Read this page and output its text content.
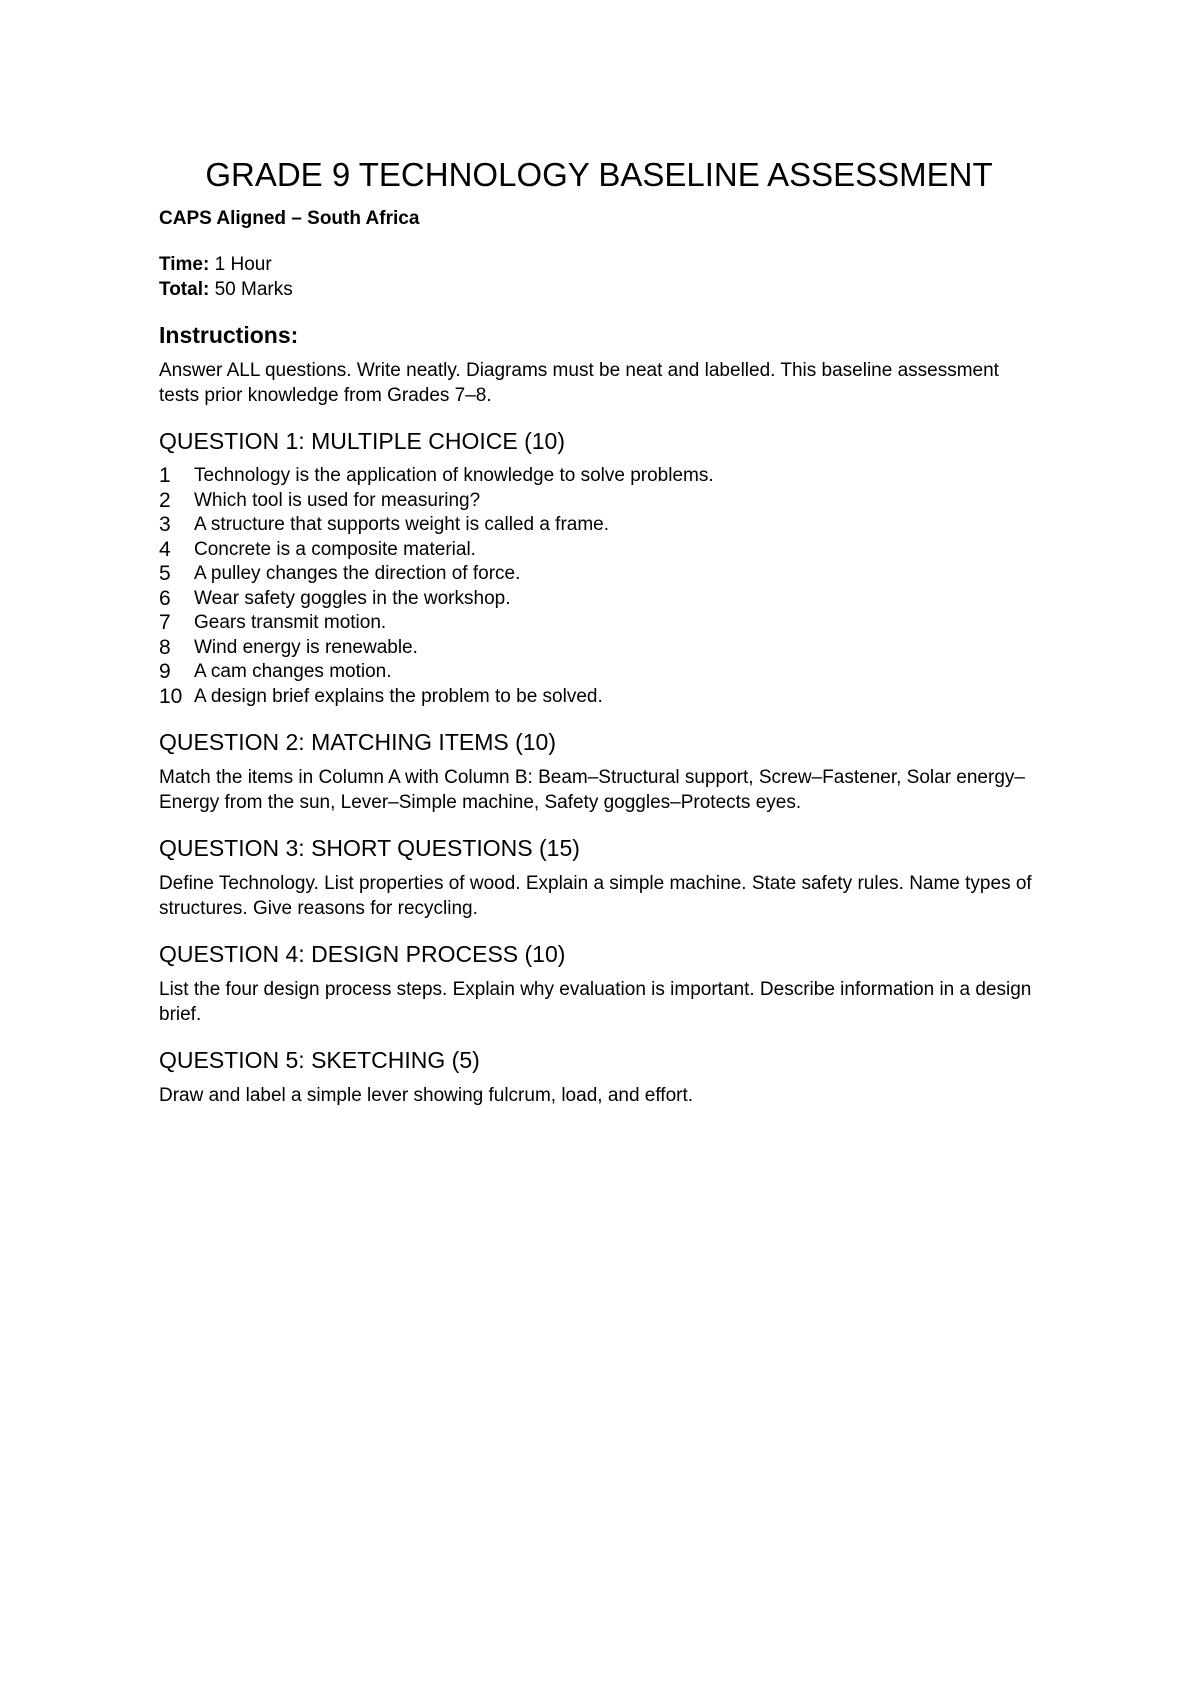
GRADE 9 TECHNOLOGY BASELINE ASSESSMENT
CAPS Aligned – South Africa
Time: 1 Hour
Total: 50 Marks
Instructions:

Answer ALL questions. Write neatly. Diagrams must be neat and labelled. This baseline assessment tests prior knowledge from Grades 7–8.

QUESTION 1: MULTIPLE CHOICE (10)
1	Technology is the application of knowledge to solve problems.
2	Which tool is used for measuring?
3	A structure that supports weight is called a frame.
4	Concrete is a composite material.
5	A pulley changes the direction of force.
6	Wear safety goggles in the workshop.
7	Gears transmit motion.
8	Wind energy is renewable.
9	A cam changes motion.
10 A design brief explains the problem to be solved.
QUESTION 2: MATCHING ITEMS (10)

Match the items in Column A with Column B: Beam–Structural support, Screw–Fastener, Solar energy–Energy from the sun, Lever–Simple machine, Safety goggles–Protects eyes.

QUESTION 3: SHORT QUESTIONS (15)

Define Technology. List properties of wood. Explain a simple machine. State safety rules. Name types of structures. Give reasons for recycling.

QUESTION 4: DESIGN PROCESS (10)

List the four design process steps. Explain why evaluation is important. Describe information in a design brief.

QUESTION 5: SKETCHING (5)

Draw and label a simple lever showing fulcrum, load, and effort.
